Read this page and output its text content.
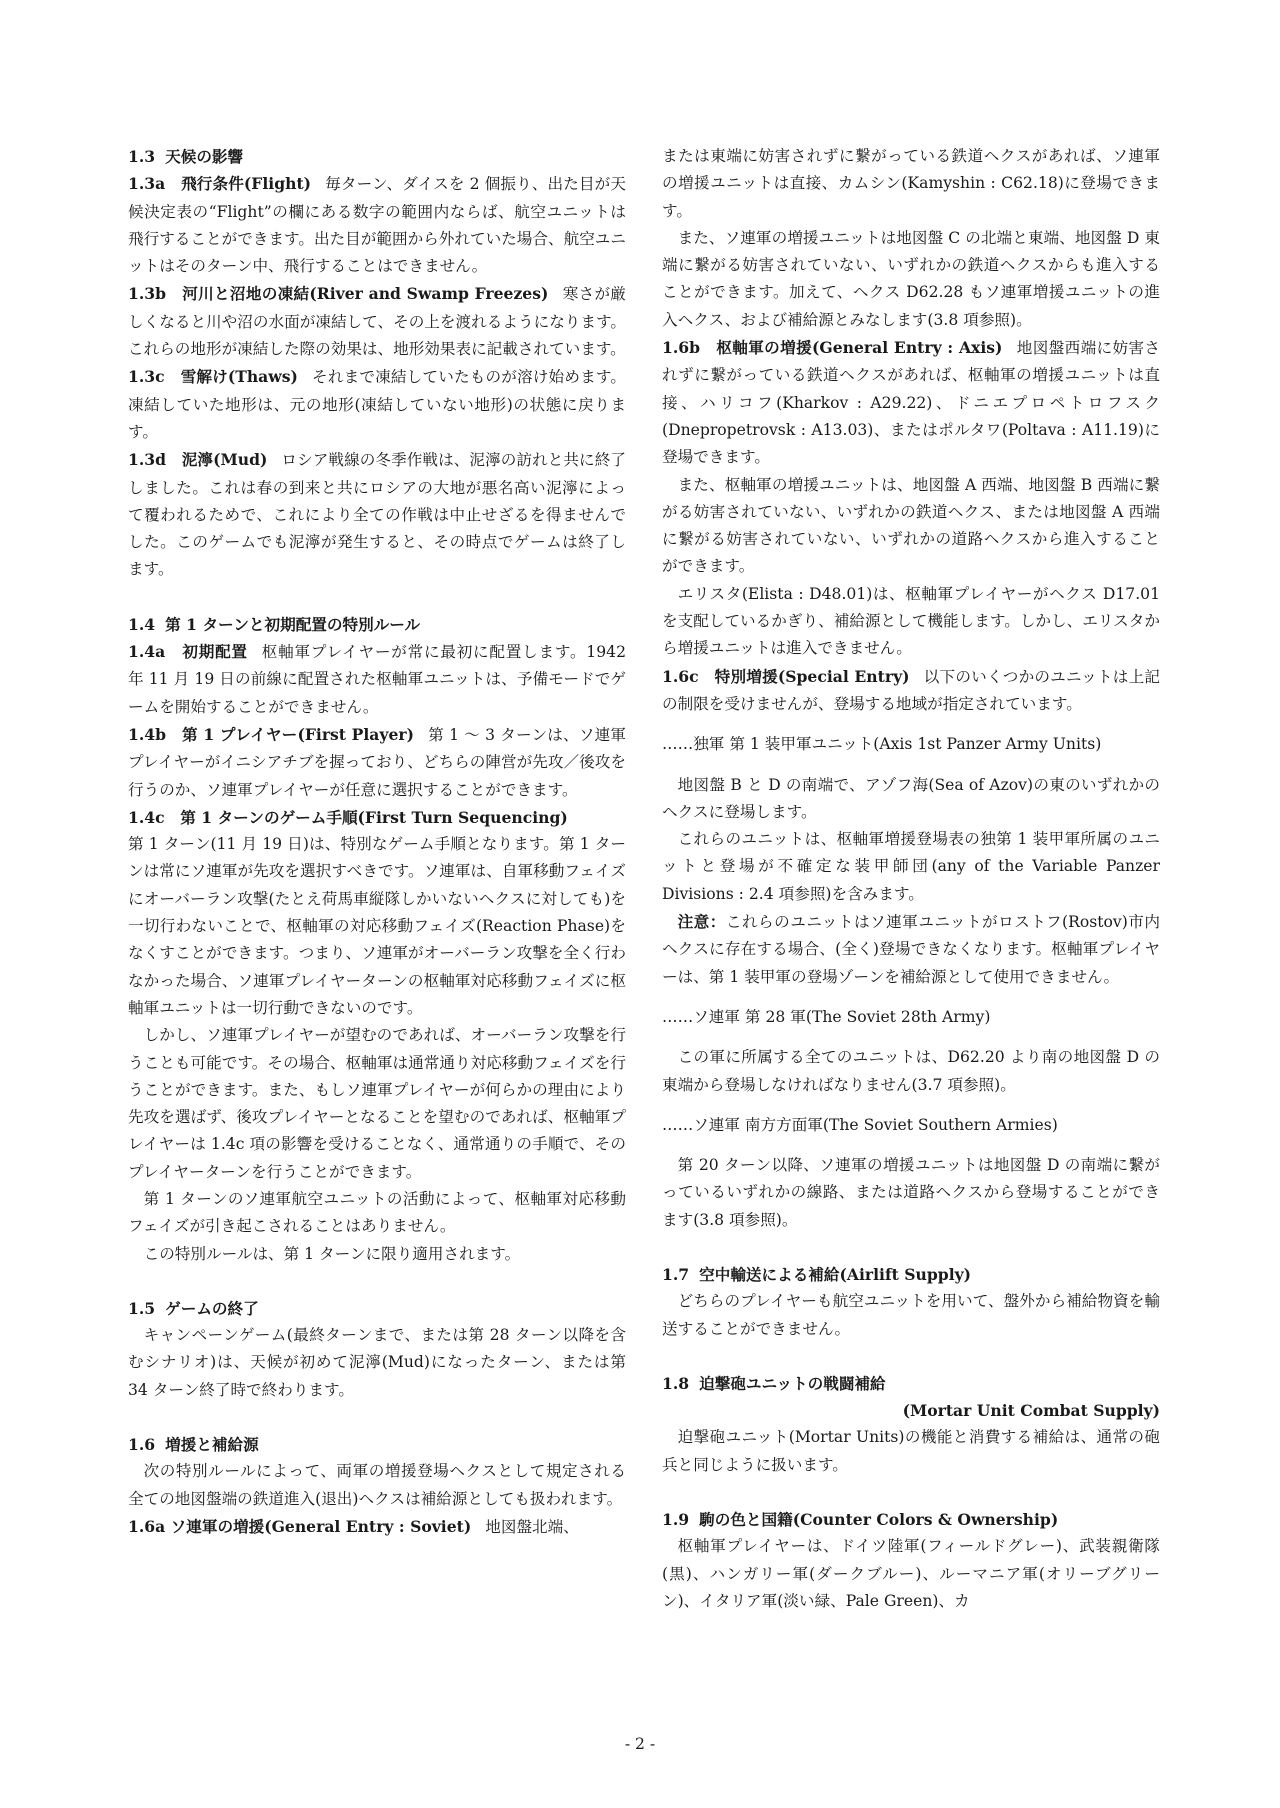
1.3 天候の影響

1.3a　飛行条件(Flight) 毎ターン、ダイスを 2 個振り、出た目が天候決定表の“Flight”の欄にある数字の範囲内ならば、航空ユニットは飛行することができます。出た目が範囲から外れていた場合、航空ユニットはそのターン中、飛行することはできません。

1.3b　河川と沼地の凍結(River and Swamp Freezes) 寒さが厳しくなると川や沼の水面が凍結して、その上を渡れるようになります。これらの地形が凍結した際の効果は、地形効果表に記載されています。

1.3c　雪解け(Thaws) それまで凍結していたものが溶け始めます。凍結していた地形は、元の地形(凍結していない地形)の状態に戻ります。

1.3d　泥濘(Mud) ロシア戦線の冬季作戦は、泥濘の訪れと共に終了しました。これは春の到来と共にロシアの大地が悪名高い泥濘によって覆われるためで、これにより全ての作戦は中止せざるを得ませんでした。このゲームでも泥濘が発生すると、その時点でゲームは終了します。

1.4 第 1 ターンと初期配置の特別ルール

1.4a　初期配置 枢軸軍プレイヤーが常に最初に配置します。1942 年 11 月 19 日の前線に配置された枢軸軍ユニットは、予備モードでゲームを開始することができません。

1.4b　第 1 プレイヤー(First Player) 第 1 ～ 3 ターンは、ソ連軍プレイヤーがイニシアチブを握っており、どちらの陣営が先攻／後攻を行うのか、ソ連軍プレイヤーが任意に選択することができます。

1.4c　第 1 ターンのゲーム手順(First Turn Sequencing)

第 1 ターン(11 月 19 日)は、特別なゲーム手順となります。第 1 ターンは常にソ連軍が先攻を選択すべきです。ソ連軍は、自軍移動フェイズにオーバーラン攻撃(たとえ荷馬車縦隊しかいないヘクスに対しても)を一切行わないことで、枢軸軍の対応移動フェイズ(Reaction Phase)をなくすことができます。つまり、ソ連軍がオーバーラン攻撃を全く行わなかった場合、ソ連軍プレイヤーターンの枢軸軍対応移動フェイズに枢軸軍ユニットは一切行動できないのです。

しかし、ソ連軍プレイヤーが望むのであれば、オーバーラン攻撃を行うことも可能です。その場合、枢軸軍は通常通り対応移動フェイズを行うことができます。また、もしソ連軍プレイヤーが何らかの理由により先攻を選ばず、後攻プレイヤーとなることを望むのであれば、枢軸軍プレイヤーは 1.4c 項の影響を受けることなく、通常通りの手順で、そのプレイヤーターンを行うことができます。

第 1 ターンのソ連軍航空ユニットの活動によって、枢軸軍対応移動フェイズが引き起こされることはありません。

この特別ルールは、第 1 ターンに限り適用されます。

1.5 ゲームの終了

キャンペーンゲーム(最終ターンまで、または第 28 ターン以降を含むシナリオ)は、天候が初めて泥濘(Mud)になったターン、または第 34 ターン終了時で終わります。

1.6 増援と補給源

次の特別ルールによって、両軍の増援登場ヘクスとして規定される全ての地図盤端の鉄道進入(退出)ヘクスは補給源としても扱われます。

1.6a ソ連軍の増援(General Entry : Soviet) 地図盤北端、

または東端に妨害されずに繋がっている鉄道ヘクスがあれば、ソ連軍の増援ユニットは直接、カムシン(Kamyshin : C62.18)に登場できます。

また、ソ連軍の増援ユニットは地図盤 C の北端と東端、地図盤 D 東端に繋がる妨害されていない、いずれかの鉄道ヘクスからも進入することができます。加えて、ヘクス D62.28 もソ連軍増援ユニットの進入ヘクス、および補給源とみなします(3.8 項参照)。

1.6b　枢軸軍の増援(General Entry : Axis) 地図盤西端に妨害されずに繋がっている鉄道ヘクスがあれば、枢軸軍の増援ユニットは直接、ハリコフ(Kharkov : A29.22)、ドニエプロペトロフスク(Dnepropetrovsk : A13.03)、またはポルタワ(Poltava : A11.19)に登場できます。

また、枢軸軍の増援ユニットは、地図盤 A 西端、地図盤 B 西端に繋がる妨害されていない、いずれかの鉄道ヘクス、または地図盤 A 西端に繋がる妨害されていない、いずれかの道路ヘクスから進入することができます。

エリスタ(Elista : D48.01)は、枢軸軍プレイヤーがヘクス D17.01 を支配しているかぎり、補給源として機能します。しかし、エリスタから増援ユニットは進入できません。

1.6c　特別増援(Special Entry) 以下のいくつかのユニットは上記の制限を受けませんが、登場する地域が指定されています。

……独軍 第 1 装甲軍ユニット(Axis 1st Panzer Army Units)

地図盤 B と D の南端で、アゾフ海(Sea of Azov)の東のいずれかのヘクスに登場します。

これらのユニットは、枢軸軍増援登場表の独第 1 装甲軍所属のユニットと登場が不確定な装甲師団(any of the Variable Panzer Divisions : 2.4 項参照)を含みます。

注意：これらのユニットはソ連軍ユニットがロストフ(Rostov)市内ヘクスに存在する場合、(全く)登場できなくなります。枢軸軍プレイヤーは、第 1 装甲軍の登場ゾーンを補給源として使用できません。

……ソ連軍 第 28 軍(The Soviet 28th Army)

この軍に所属する全てのユニットは、D62.20 より南の地図盤 D の東端から登場しなければなりません(3.7 項参照)。

……ソ連軍 南方方面軍(The Soviet Southern Armies)

第 20 ターン以降、ソ連軍の増援ユニットは地図盤 D の南端に繋がっているいずれかの線路、または道路ヘクスから登場することができます(3.8 項参照)。

1.7 空中輸送による補給(Airlift Supply)

どちらのプレイヤーも航空ユニットを用いて、盤外から補給物資を輸送することができません。

1.8 迫撃砲ユニットの戦闘補給

(Mortar Unit Combat Supply)

迫撃砲ユニット(Mortar Units)の機能と消費する補給は、通常の砲兵と同じように扱います。

1.9 駒の色と国籍(Counter Colors & Ownership)

枢軸軍プレイヤーは、ドイツ陸軍(フィールドグレー)、武装親衛隊(黒)、ハンガリー軍(ダークブルー)、ルーマニア軍(オリーブグリーン)、イタリア軍(淡い緑、Pale Green)、カ

- 2 -
